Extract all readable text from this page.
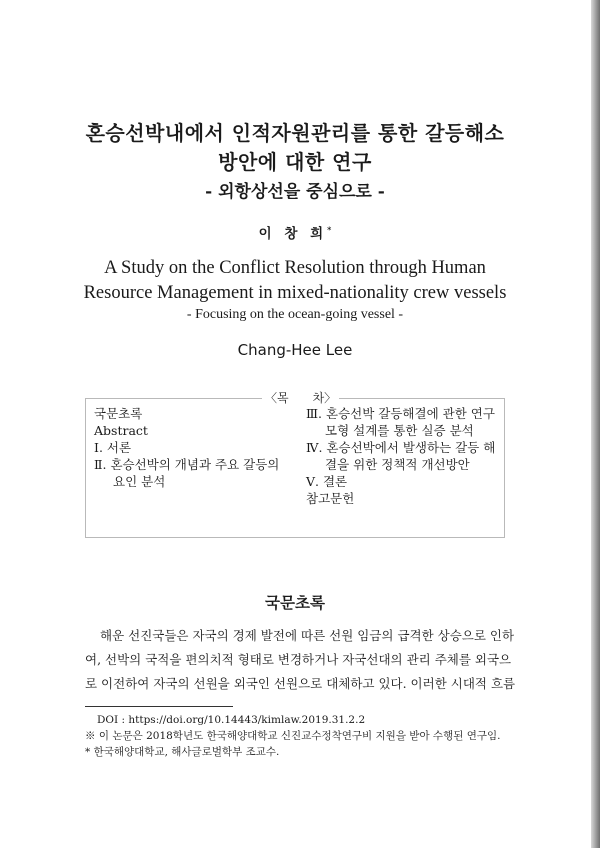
혼승선박내에서 인적자원관리를 통한 갈등해소
방안에 대한 연구
- 외항상선을 중심으로 -
이 창 희*
A Study on the Conflict Resolution through Human
Resource Management in mixed-nationality crew vessels
- Focusing on the ocean-going vessel -
Chang-Hee Lee
〈목　　차〉
국문초록
Abstract
Ⅰ. 서론
Ⅱ. 혼승선박의 개념과 주요 갈등의
요인 분석
Ⅲ. 혼승선박 갈등해결에 관한 연구
모형 설계를 통한 실증 분석
Ⅳ. 혼승선박에서 발생하는 갈등 해
결을 위한 정책적 개선방안
Ⅴ. 결론
참고문헌
국문초록
해운 선진국들은 자국의 경제 발전에 따른 선원 임금의 급격한 상승으로 인하
여, 선박의 국적을 편의치적 형태로 변경하거나 자국선대의 관리 주체를 외국으
로 이전하여 자국의 선원을 외국인 선원으로 대체하고 있다. 이러한 시대적 흐름
DOI : https://doi.org/10.14443/kimlaw.2019.31.2.2
※ 이 논문은 2018학년도 한국해양대학교 신진교수정착연구비 지원을 받아 수행된 연구임.
* 한국해양대학교, 해사글로벌학부 조교수.
